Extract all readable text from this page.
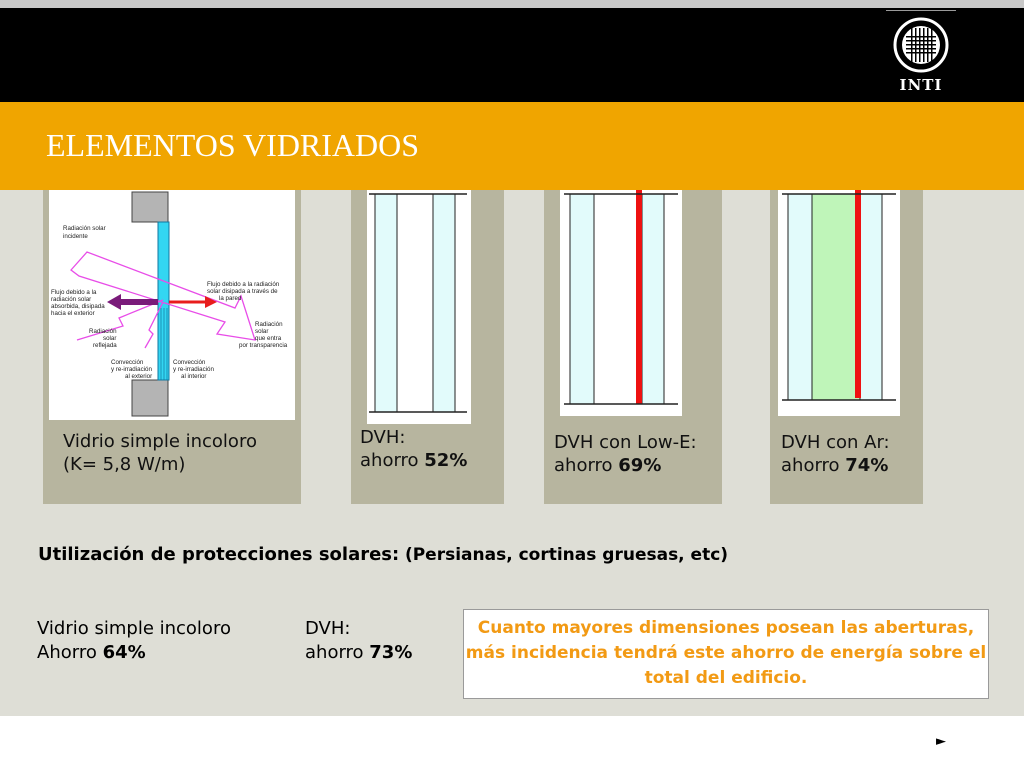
INTI
ELEMENTOS VIDRIADOS
Radiación solar
incidente
Flujo debido a la
radiación solar
absorbida, disipada
hacia el exterior
Flujo debido a la radiación
solar disipada a través de
la pared
Radiación
solar
reflejada
Radiación
solar
que entra
por transparencia
Convección
y re-irradiación
al exterior
Convección
y re-irradiación
al interior
Vidrio simple incoloro
(K= 5,8 W/m)
DVH:
ahorro 52%
DVH con Low-E:
ahorro 69%
DVH con Ar:
ahorro 74%
Utilización de protecciones solares: (Persianas, cortinas gruesas, etc)
Vidrio simple incoloro
Ahorro 64%
DVH:
ahorro 73%
Cuanto mayores dimensiones posean las aberturas, más incidencia tendrá este ahorro de energía sobre el total del edificio.
►
